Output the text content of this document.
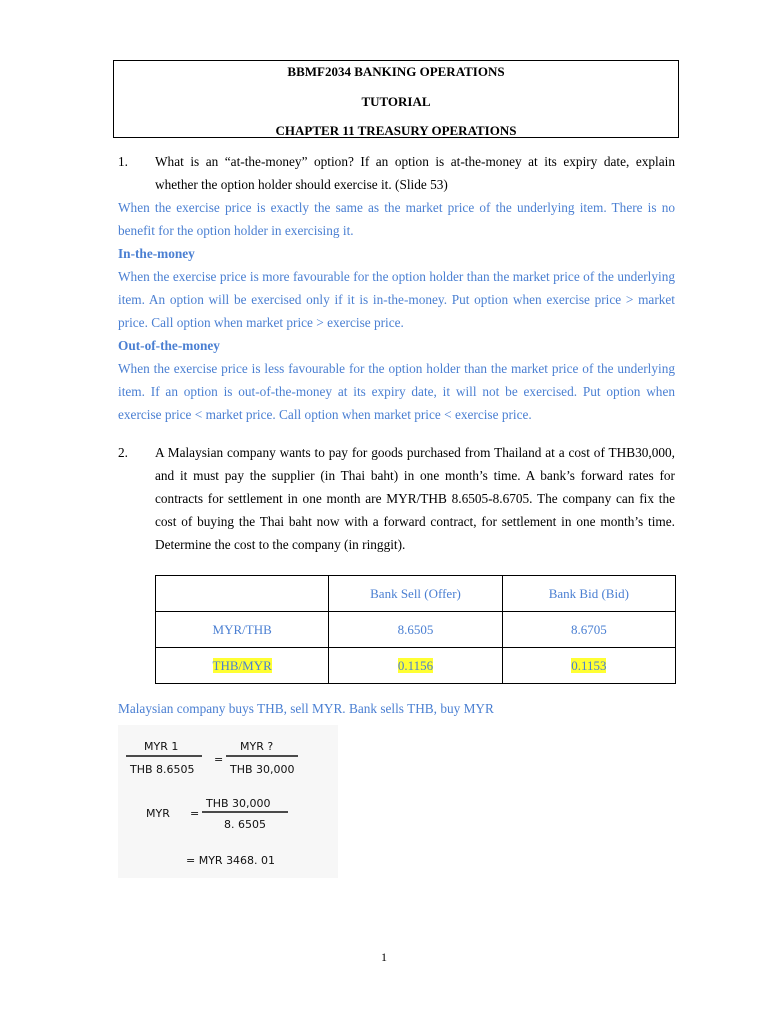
BBMF2034 BANKING OPERATIONS
TUTORIAL
CHAPTER 11 TREASURY OPERATIONS
1. What is an “at-the-money” option? If an option is at-the-money at its expiry date, explain whether the option holder should exercise it. (Slide 53)
When the exercise price is exactly the same as the market price of the underlying item. There is no benefit for the option holder in exercising it.
In-the-money
When the exercise price is more favourable for the option holder than the market price of the underlying item. An option will be exercised only if it is in-the-money. Put option when exercise price > market price. Call option when market price > exercise price.
Out-of-the-money
When the exercise price is less favourable for the option holder than the market price of the underlying item. If an option is out-of-the-money at its expiry date, it will not be exercised. Put option when exercise price < market price. Call option when market price < exercise price.
2. A Malaysian company wants to pay for goods purchased from Thailand at a cost of THB30,000, and it must pay the supplier (in Thai baht) in one month’s time. A bank’s forward rates for contracts for settlement in one month are MYR/THB 8.6505-8.6705. The company can fix the cost of buying the Thai baht now with a forward contract, for settlement in one month’s time. Determine the cost to the company (in ringgit).
	Bank Sell (Offer)	Bank Bid (Bid)
MYR/THB	8.6505	8.6705
THB/MYR	0.1156	0.1153
Malaysian company buys THB, sell MYR. Bank sells THB, buy MYR
MYR 1
THB 8.6505
=
MYR ?
THB 30,000
MYR =
THB 30,000
8. 6505
= MYR 3468. 01
1
